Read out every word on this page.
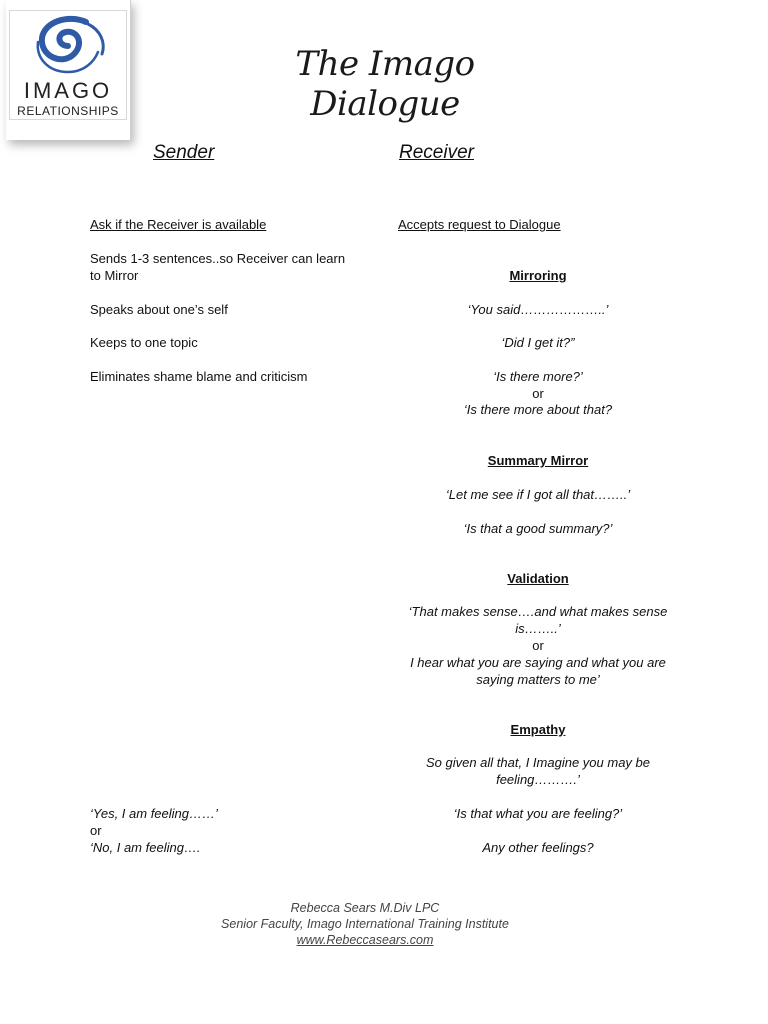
IMAGO
RELATIONSHIPS
The Imago Dialogue
Sender	Receiver
Ask if the Receiver is available
Sends 1-3 sentences..so Receiver can learn
to Mirror
Speaks about one’s self
Keeps to one topic
Eliminates shame blame and criticism
‘Yes, I am feeling……’
or
‘No, I am feeling….
Accepts request to Dialogue
Mirroring
‘You said………………..’
‘Did I get it?”
‘Is there more?’
or
‘Is there more about that?
Summary Mirror
‘Let me see if I got all that……..’
‘Is that a good summary?’
Validation
‘That makes sense….and what makes sense
is……..’
or
I hear what you are saying and what you are
saying matters to me’
Empathy
So given all that, I Imagine you may be
feeling……….’
‘Is that what you are feeling?’
Any other feelings?
Rebecca Sears M.Div LPC
Senior Faculty, Imago International Training Institute
www.Rebeccasears.com
